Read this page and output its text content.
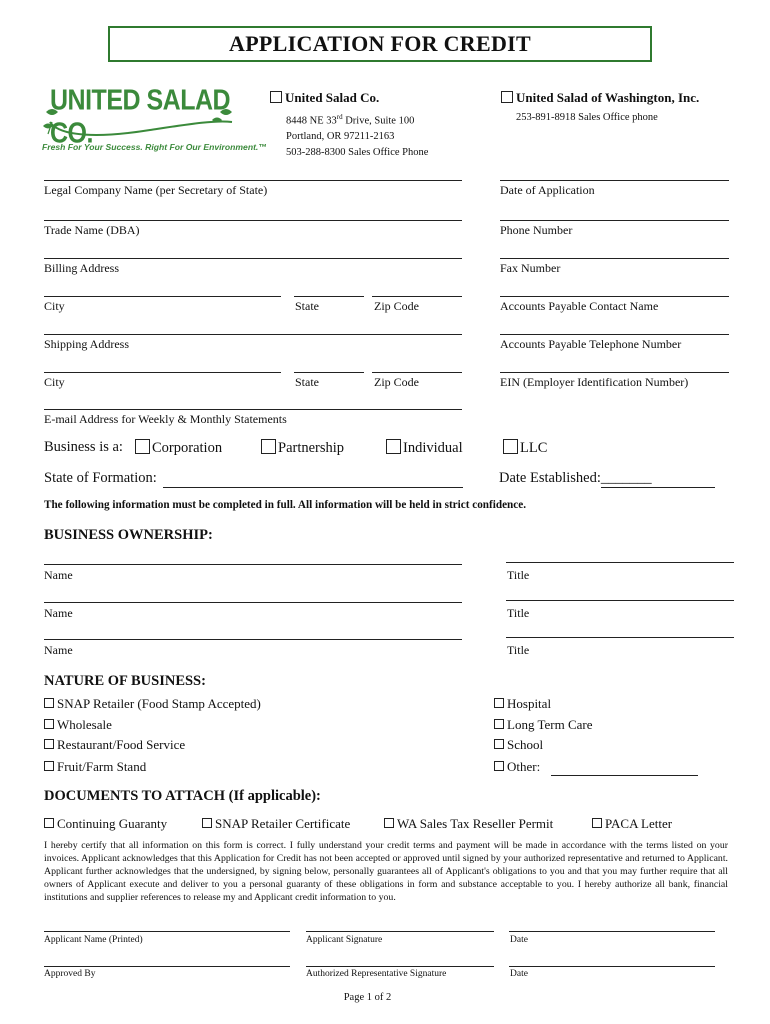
APPLICATION FOR CREDIT
UNITED SALAD CO.
Fresh For Your Success. Right For Our Environment.™
United Salad Co.
8448 NE 33rd Drive, Suite 100
Portland, OR 97211-2163
503-288-8300 Sales Office Phone
United Salad of Washington, Inc.
253-891-8918 Sales Office phone
Legal Company Name (per Secretary of State)
Trade Name (DBA)
Billing Address
City	State	Zip Code
Shipping Address
City	State	Zip Code
E-mail Address for Weekly & Monthly Statements
Date of Application
Phone Number
Fax Number
Accounts Payable Contact Name
Accounts Payable Telephone Number
EIN (Employer Identification Number)
Business is a:	Corporation	Partnership	Individual	LLC
State of Formation:	Date Established:_______
The following information must be completed in full. All information will be held in strict confidence.
BUSINESS OWNERSHIP:
Name	Title
Name	Title
Name	Title
NATURE OF BUSINESS:
SNAP Retailer (Food Stamp Accepted)
Wholesale
Restaurant/Food Service
Fruit/Farm Stand
Hospital
Long Term Care
School
Other:
DOCUMENTS TO ATTACH (If applicable):
Continuing Guaranty	SNAP Retailer Certificate	WA Sales Tax Reseller Permit	PACA Letter
I hereby certify that all information on this form is correct. I fully understand your credit terms and payment will be made in accordance with the terms listed on your invoices. Applicant acknowledges that this Application for Credit has not been accepted or approved until signed by your authorized representative and returned to Applicant. Applicant further acknowledges that the undersigned, by signing below, personally guarantees all of Applicant's obligations to you and that you may further require that all owners of Applicant execute and deliver to you a personal guaranty of these obligations in form and substance acceptable to you. I hereby authorize all bank, financial institutions and supplier references to release my and Applicant credit information to you.
Applicant Name (Printed)	Applicant Signature	Date
Approved By	Authorized Representative Signature	Date
Page 1 of 2
